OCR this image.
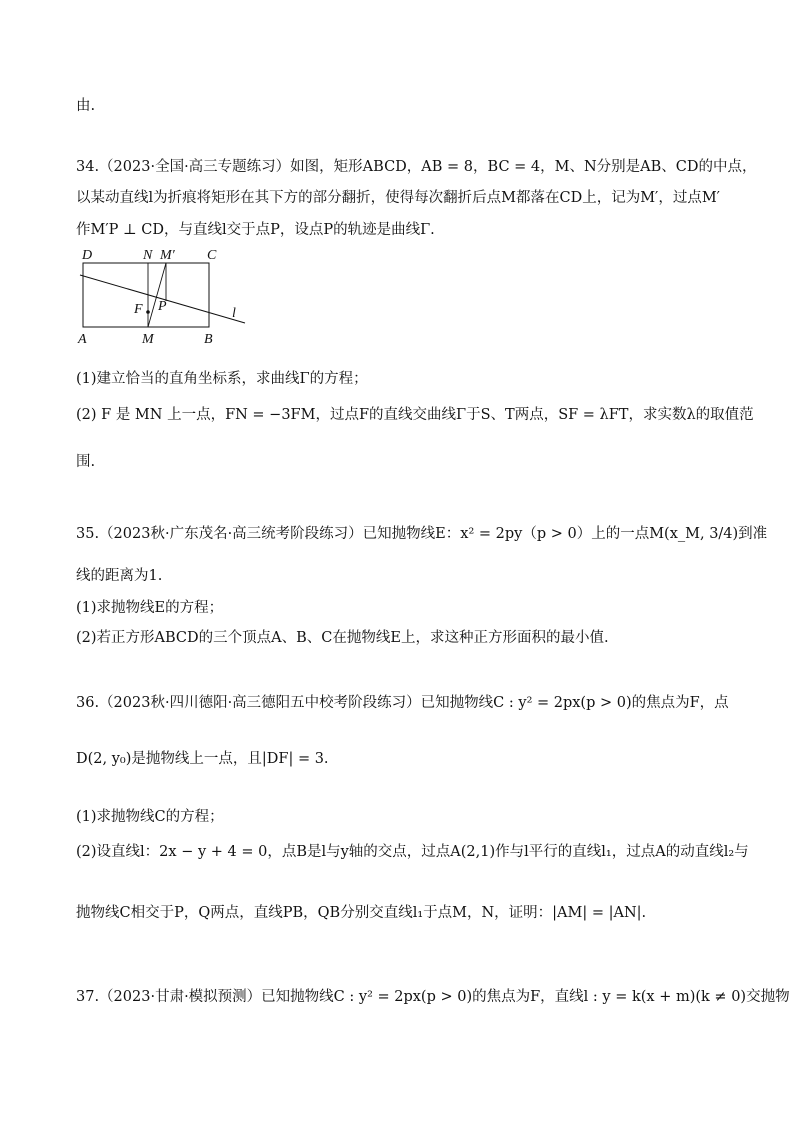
由.
34.（2023·全国·高三专题练习）如图，矩形ABCD，AB = 8，BC = 4，M、N分别是AB、CD的中点，
以某动直线l为折痕将矩形在其下方的部分翻折，使得每次翻折后点M都落在CD上，记为M′，过点M′
作M′P ⊥ CD，与直线l交于点P，设点P的轨迹是曲线Γ.
(1)建立恰当的直角坐标系，求曲线Γ的方程；
(2) F 是 MN 上一点，FN = −3FM，过点F的直线交曲线Γ于S、T两点，SF = λFT，求实数λ的取值范
围.
35.（2023秋·广东茂名·高三统考阶段练习）已知抛物线E：x² = 2py（p > 0）上的一点M(x_M, 3/4)到准
线的距离为1.
(1)求抛物线E的方程；
(2)若正方形ABCD的三个顶点A、B、C在抛物线E上，求这种正方形面积的最小值.
36.（2023秋·四川德阳·高三德阳五中校考阶段练习）已知抛物线C : y² = 2px(p > 0)的焦点为F，点
D(2, y₀)是抛物线上一点，且|DF| = 3.
(1)求抛物线C的方程；
(2)设直线l：2x − y + 4 = 0，点B是l与y轴的交点，过点A(2,1)作与l平行的直线l₁，过点A的动直线l₂与
抛物线C相交于P，Q两点，直线PB，QB分别交直线l₁于点M，N，证明：|AM| = |AN|.
37.（2023·甘肃·模拟预测）已知抛物线C : y² = 2px(p > 0)的焦点为F，直线l : y = k(x + m)(k ≠ 0)交抛物
D	N M′ C
F P	l
A	M	B
